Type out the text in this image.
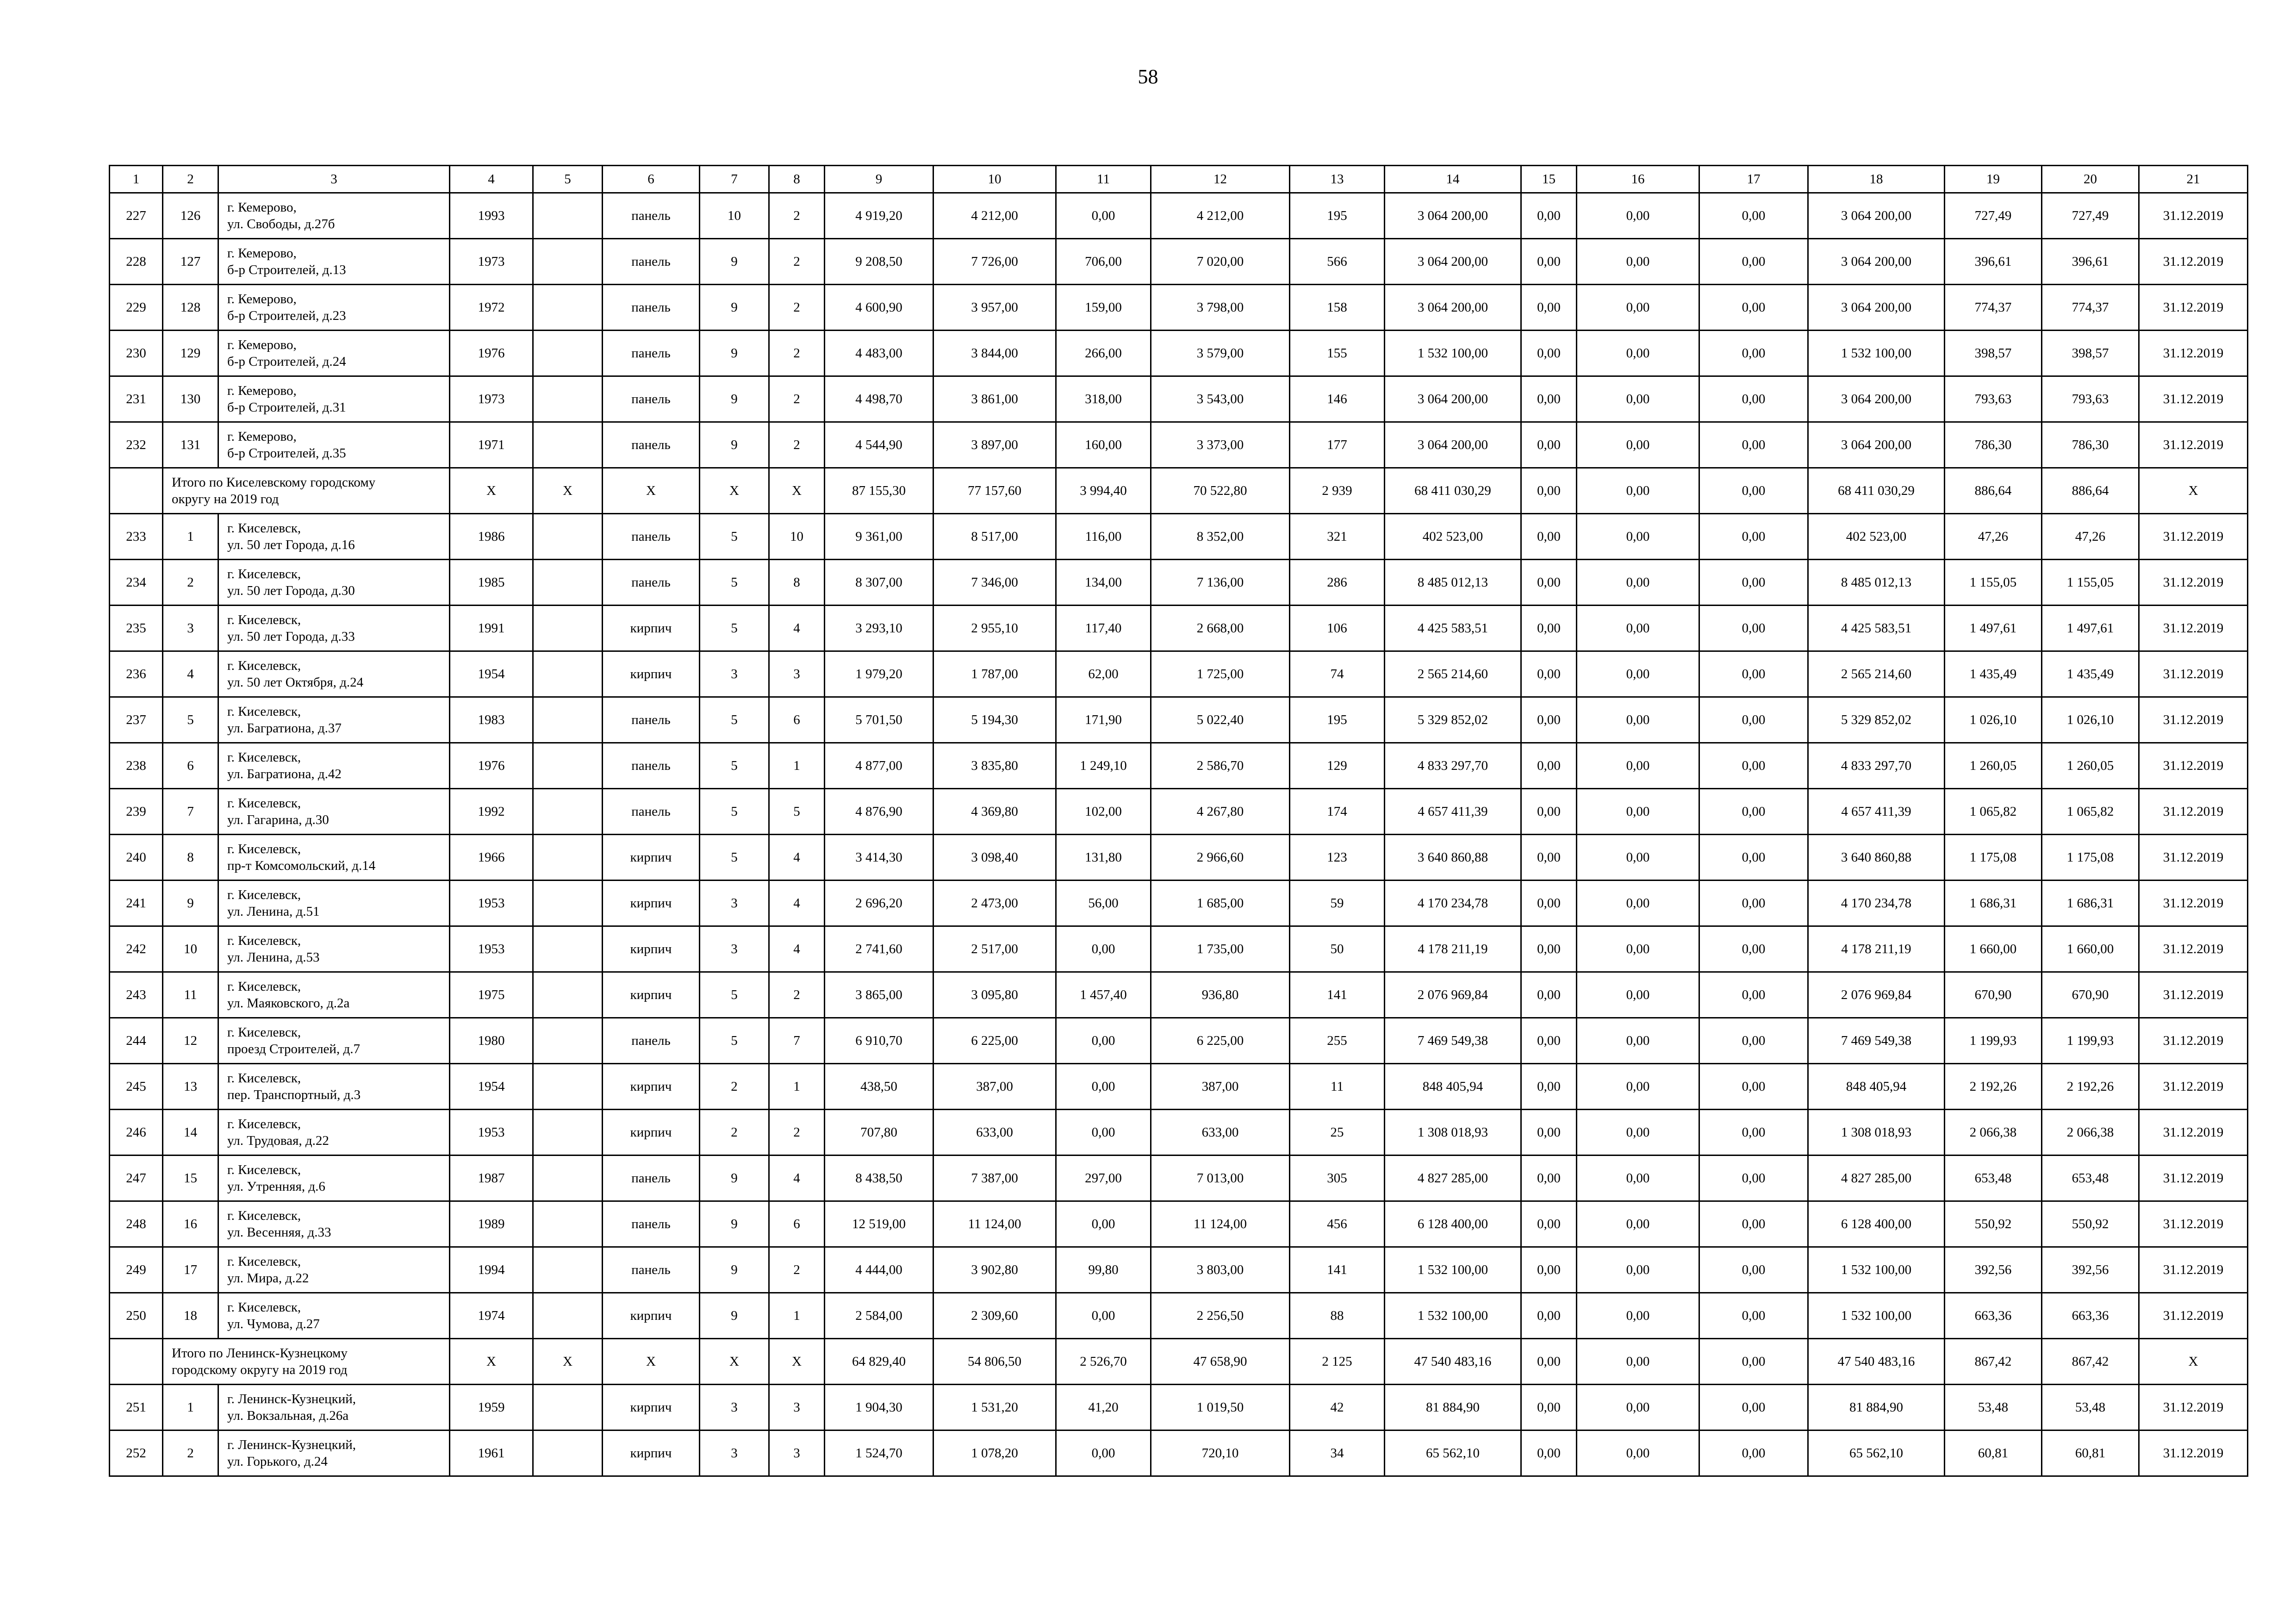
58
1	2	3	4	5	6	7	8	9	10	11	12	13	14	15	16	17	18	19	20	21
227	126	г. Кемерово,
ул. Свободы, д.27б	1993		панель	10	2	4 919,20	4 212,00	0,00	4 212,00	195	3 064 200,00	0,00	0,00	0,00	3 064 200,00	727,49	727,49	31.12.2019
228	127	г. Кемерово,
б-р Строителей, д.13	1973		панель	9	2	9 208,50	7 726,00	706,00	7 020,00	566	3 064 200,00	0,00	0,00	0,00	3 064 200,00	396,61	396,61	31.12.2019
229	128	г. Кемерово,
б-р Строителей, д.23	1972		панель	9	2	4 600,90	3 957,00	159,00	3 798,00	158	3 064 200,00	0,00	0,00	0,00	3 064 200,00	774,37	774,37	31.12.2019
230	129	г. Кемерово,
б-р Строителей, д.24	1976		панель	9	2	4 483,00	3 844,00	266,00	3 579,00	155	1 532 100,00	0,00	0,00	0,00	1 532 100,00	398,57	398,57	31.12.2019
231	130	г. Кемерово,
б-р Строителей, д.31	1973		панель	9	2	4 498,70	3 861,00	318,00	3 543,00	146	3 064 200,00	0,00	0,00	0,00	3 064 200,00	793,63	793,63	31.12.2019
232	131	г. Кемерово,
б-р Строителей, д.35	1971		панель	9	2	4 544,90	3 897,00	160,00	3 373,00	177	3 064 200,00	0,00	0,00	0,00	3 064 200,00	786,30	786,30	31.12.2019

	Итого по Киселевскому городскому
округу на 2019 год		X	X	X	X	X	87 155,30	77 157,60	3 994,40	70 522,80	2 939	68 411 030,29	0,00	0,00	0,00	68 411 030,29	886,64	886,64	X
233	1	г. Киселевск,
ул. 50 лет Города, д.16	1986		панель	5	10	9 361,00	8 517,00	116,00	8 352,00	321	402 523,00	0,00	0,00	0,00	402 523,00	47,26	47,26	31.12.2019
234	2	г. Киселевск,
ул. 50 лет Города, д.30	1985		панель	5	8	8 307,00	7 346,00	134,00	7 136,00	286	8 485 012,13	0,00	0,00	0,00	8 485 012,13	1 155,05	1 155,05	31.12.2019
235	3	г. Киселевск,
ул. 50 лет Города, д.33	1991		кирпич	5	4	3 293,10	2 955,10	117,40	2 668,00	106	4 425 583,51	0,00	0,00	0,00	4 425 583,51	1 497,61	1 497,61	31.12.2019
236	4	г. Киселевск,
ул. 50 лет Октября, д.24	1954		кирпич	3	3	1 979,20	1 787,00	62,00	1 725,00	74	2 565 214,60	0,00	0,00	0,00	2 565 214,60	1 435,49	1 435,49	31.12.2019
237	5	г. Киселевск,
ул. Багратиона, д.37	1983		панель	5	6	5 701,50	5 194,30	171,90	5 022,40	195	5 329 852,02	0,00	0,00	0,00	5 329 852,02	1 026,10	1 026,10	31.12.2019
238	6	г. Киселевск,
ул. Багратиона, д.42	1976		панель	5	1	4 877,00	3 835,80	1 249,10	2 586,70	129	4 833 297,70	0,00	0,00	0,00	4 833 297,70	1 260,05	1 260,05	31.12.2019
239	7	г. Киселевск,
ул. Гагарина, д.30	1992		панель	5	5	4 876,90	4 369,80	102,00	4 267,80	174	4 657 411,39	0,00	0,00	0,00	4 657 411,39	1 065,82	1 065,82	31.12.2019
240	8	г. Киселевск,
пр-т Комсомольский, д.14	1966		кирпич	5	4	3 414,30	3 098,40	131,80	2 966,60	123	3 640 860,88	0,00	0,00	0,00	3 640 860,88	1 175,08	1 175,08	31.12.2019
241	9	г. Киселевск,
ул. Ленина, д.51	1953		кирпич	3	4	2 696,20	2 473,00	56,00	1 685,00	59	4 170 234,78	0,00	0,00	0,00	4 170 234,78	1 686,31	1 686,31	31.12.2019
242	10	г. Киселевск,
ул. Ленина, д.53	1953		кирпич	3	4	2 741,60	2 517,00	0,00	1 735,00	50	4 178 211,19	0,00	0,00	0,00	4 178 211,19	1 660,00	1 660,00	31.12.2019
243	11	г. Киселевск,
ул. Маяковского, д.2а	1975		кирпич	5	2	3 865,00	3 095,80	1 457,40	936,80	141	2 076 969,84	0,00	0,00	0,00	2 076 969,84	670,90	670,90	31.12.2019
244	12	г. Киселевск,
проезд Строителей, д.7	1980		панель	5	7	6 910,70	6 225,00	0,00	6 225,00	255	7 469 549,38	0,00	0,00	0,00	7 469 549,38	1 199,93	1 199,93	31.12.2019
245	13	г. Киселевск,
пер. Транспортный, д.3	1954		кирпич	2	1	438,50	387,00	0,00	387,00	11	848 405,94	0,00	0,00	0,00	848 405,94	2 192,26	2 192,26	31.12.2019
246	14	г. Киселевск,
ул. Трудовая, д.22	1953		кирпич	2	2	707,80	633,00	0,00	633,00	25	1 308 018,93	0,00	0,00	0,00	1 308 018,93	2 066,38	2 066,38	31.12.2019
247	15	г. Киселевск,
ул. Утренняя, д.6	1987		панель	9	4	8 438,50	7 387,00	297,00	7 013,00	305	4 827 285,00	0,00	0,00	0,00	4 827 285,00	653,48	653,48	31.12.2019
248	16	г. Киселевск,
ул. Весенняя, д.33	1989		панель	9	6	12 519,00	11 124,00	0,00	11 124,00	456	6 128 400,00	0,00	0,00	0,00	6 128 400,00	550,92	550,92	31.12.2019
249	17	г. Киселевск,
ул. Мира, д.22	1994		панель	9	2	4 444,00	3 902,80	99,80	3 803,00	141	1 532 100,00	0,00	0,00	0,00	1 532 100,00	392,56	392,56	31.12.2019
250	18	г. Киселевск,
ул. Чумова, д.27	1974		кирпич	9	1	2 584,00	2 309,60	0,00	2 256,50	88	1 532 100,00	0,00	0,00	0,00	1 532 100,00	663,36	663,36	31.12.2019

	Итого по Ленинск-Кузнецкому
городскому округу на 2019 год		X	X	X	X	X	64 829,40	54 806,50	2 526,70	47 658,90	2 125	47 540 483,16	0,00	0,00	0,00	47 540 483,16	867,42	867,42	X
251	1	г. Ленинск-Кузнецкий,
ул. Вокзальная, д.26а	1959		кирпич	3	3	1 904,30	1 531,20	41,20	1 019,50	42	81 884,90	0,00	0,00	0,00	81 884,90	53,48	53,48	31.12.2019
252	2	г. Ленинск-Кузнецкий,
ул. Горького, д.24	1961		кирпич	3	3	1 524,70	1 078,20	0,00	720,10	34	65 562,10	0,00	0,00	0,00	65 562,10	60,81	60,81	31.12.2019
